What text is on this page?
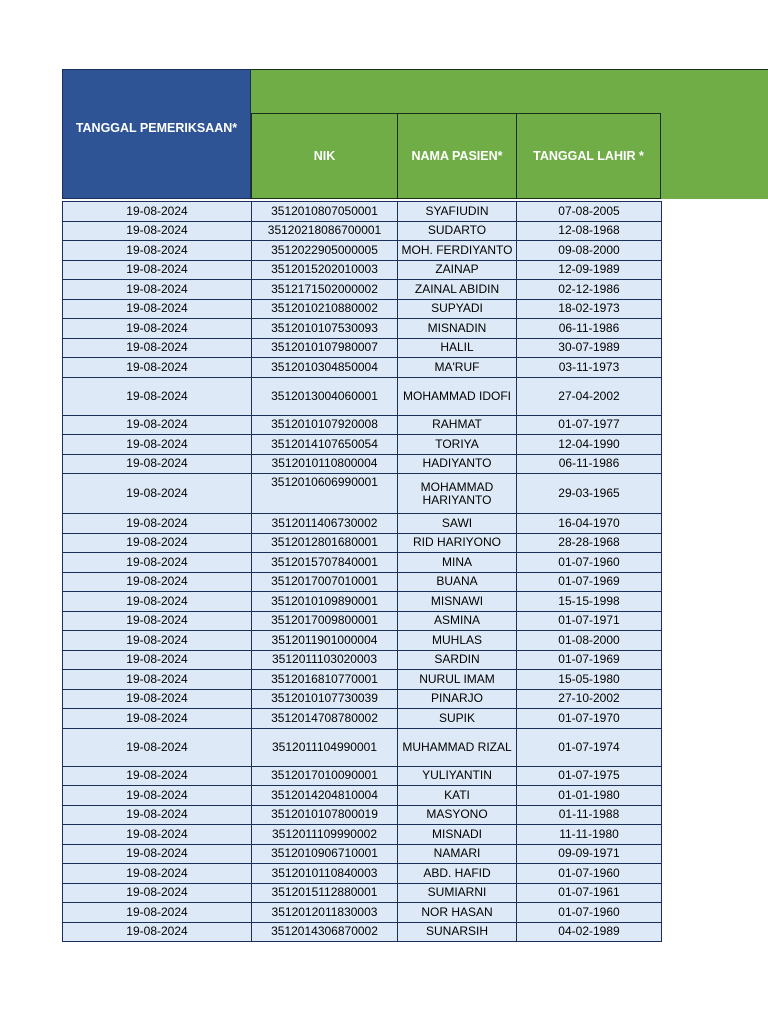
TANGGAL PEMERIKSAAN*
NIK	NAMA PASIEN*	TANGGAL LAHIR *
19-08-2024	3512010807050001	SYAFIUDIN	07-08-2005
19-08-2024	35120218086700001	SUDARTO	12-08-1968
19-08-2024	3512022905000005	MOH. FERDIYANTO	09-08-2000
19-08-2024	3512015202010003	ZAINAP	12-09-1989
19-08-2024	3512171502000002	ZAINAL ABIDIN	02-12-1986
19-08-2024	3512010210880002	SUPYADI	18-02-1973
19-08-2024	3512010107530093	MISNADIN	06-11-1986
19-08-2024	3512010107980007	HALIL	30-07-1989
19-08-2024	3512010304850004	MA'RUF	03-11-1973
19-08-2024	3512013004060001	MOHAMMAD IDOFI	27-04-2002
19-08-2024	3512010107920008	RAHMAT	01-07-1977
19-08-2024	3512014107650054	TORIYA	12-04-1990
19-08-2024	3512010110800004	HADIYANTO	06-11-1986
19-08-2024	3512010606990001	MOHAMMAD HARIYANTO	29-03-1965
19-08-2024	3512011406730002	SAWI	16-04-1970
19-08-2024	3512012801680001	RID HARIYONO	28-28-1968
19-08-2024	3512015707840001	MINA	01-07-1960
19-08-2024	3512017007010001	BUANA	01-07-1969
19-08-2024	3512010109890001	MISNAWI	15-15-1998
19-08-2024	3512017009800001	ASMINA	01-07-1971
19-08-2024	3512011901000004	MUHLAS	01-08-2000
19-08-2024	3512011103020003	SARDIN	01-07-1969
19-08-2024	3512016810770001	NURUL IMAM	15-05-1980
19-08-2024	3512010107730039	PINARJO	27-10-2002
19-08-2024	3512014708780002	SUPIK	01-07-1970
19-08-2024	3512011104990001	MUHAMMAD RIZAL	01-07-1974
19-08-2024	3512017010090001	YULIYANTIN	01-07-1975
19-08-2024	3512014204810004	KATI	01-01-1980
19-08-2024	3512010107800019	MASYONO	01-11-1988
19-08-2024	3512011109990002	MISNADI	11-11-1980
19-08-2024	3512010906710001	NAMARI	09-09-1971
19-08-2024	3512010110840003	ABD. HAFID	01-07-1960
19-08-2024	3512015112880001	SUMIARNI	01-07-1961
19-08-2024	3512012011830003	NOR HASAN	01-07-1960
19-08-2024	3512014306870002	SUNARSIH	04-02-1989
